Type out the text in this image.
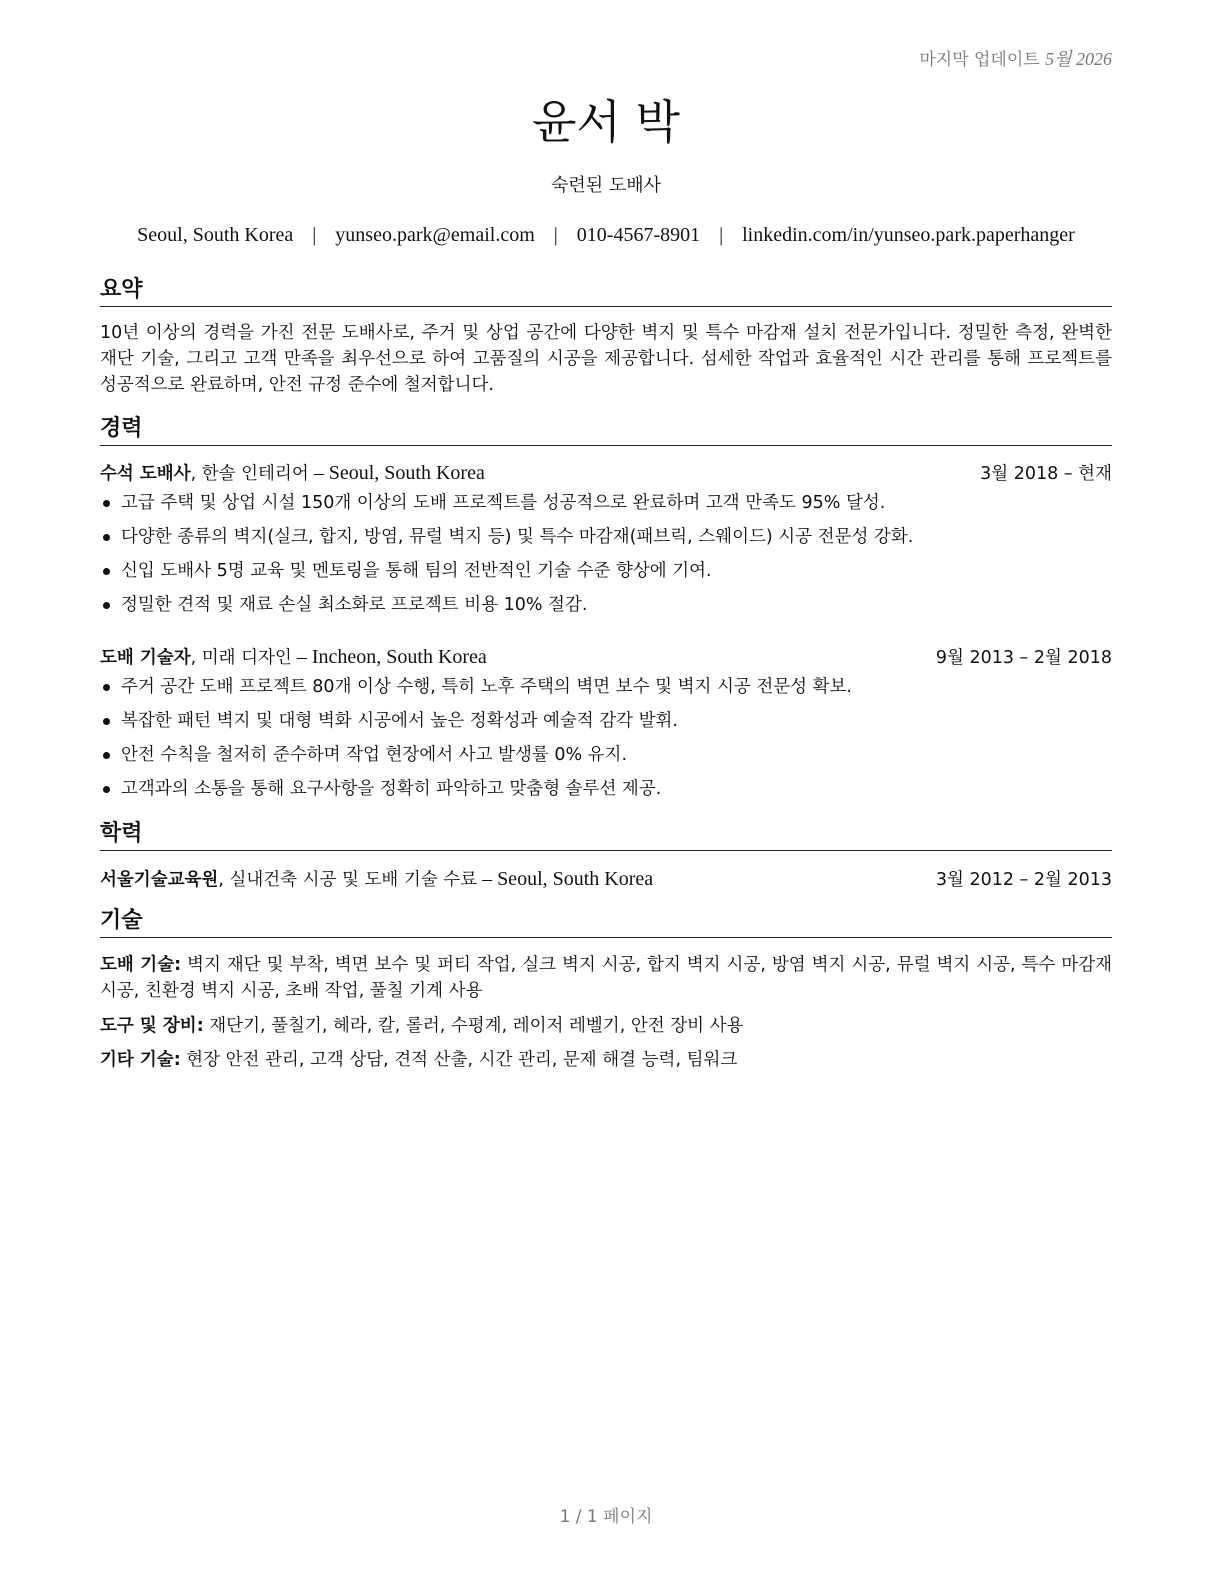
마지막 업데이트 5월 2026
윤서 박
숙련된 도배사
Seoul, South Korea | yunseo.park@email.com | 010-4567-8901 | linkedin.com/in/yunseo.park.paperhanger
요약
10년 이상의 경력을 가진 전문 도배사로, 주거 및 상업 공간에 다양한 벽지 및 특수 마감재 설치 전문가입니다. 정밀한 측정, 완벽한 재단 기술, 그리고 고객 만족을 최우선으로 하여 고품질의 시공을 제공합니다. 섬세한 작업과 효율적인 시간 관리를 통해 프로젝트를 성공적으로 완료하며, 안전 규정 준수에 철저합니다.
경력
수석 도배사, 한솔 인테리어 – Seoul, South Korea	3월 2018 – 현재
고급 주택 및 상업 시설 150개 이상의 도배 프로젝트를 성공적으로 완료하며 고객 만족도 95% 달성.
다양한 종류의 벽지(실크, 합지, 방염, 뮤럴 벽지 등) 및 특수 마감재(패브릭, 스웨이드) 시공 전문성 강화.
신입 도배사 5명 교육 및 멘토링을 통해 팀의 전반적인 기술 수준 향상에 기여.
정밀한 견적 및 재료 손실 최소화로 프로젝트 비용 10% 절감.
도배 기술자, 미래 디자인 – Incheon, South Korea	9월 2013 – 2월 2018
주거 공간 도배 프로젝트 80개 이상 수행, 특히 노후 주택의 벽면 보수 및 벽지 시공 전문성 확보.
복잡한 패턴 벽지 및 대형 벽화 시공에서 높은 정확성과 예술적 감각 발휘.
안전 수칙을 철저히 준수하며 작업 현장에서 사고 발생률 0% 유지.
고객과의 소통을 통해 요구사항을 정확히 파악하고 맞춤형 솔루션 제공.
학력
서울기술교육원, 실내건축 시공 및 도배 기술 수료 – Seoul, South Korea	3월 2012 – 2월 2013
기술
도배 기술: 벽지 재단 및 부착, 벽면 보수 및 퍼티 작업, 실크 벽지 시공, 합지 벽지 시공, 방염 벽지 시공, 뮤럴 벽지 시공, 특수 마감재 시공, 친환경 벽지 시공, 초배 작업, 풀칠 기계 사용
도구 및 장비: 재단기, 풀칠기, 헤라, 칼, 롤러, 수평계, 레이저 레벨기, 안전 장비 사용
기타 기술: 현장 안전 관리, 고객 상담, 견적 산출, 시간 관리, 문제 해결 능력, 팀워크
1 / 1 페이지
